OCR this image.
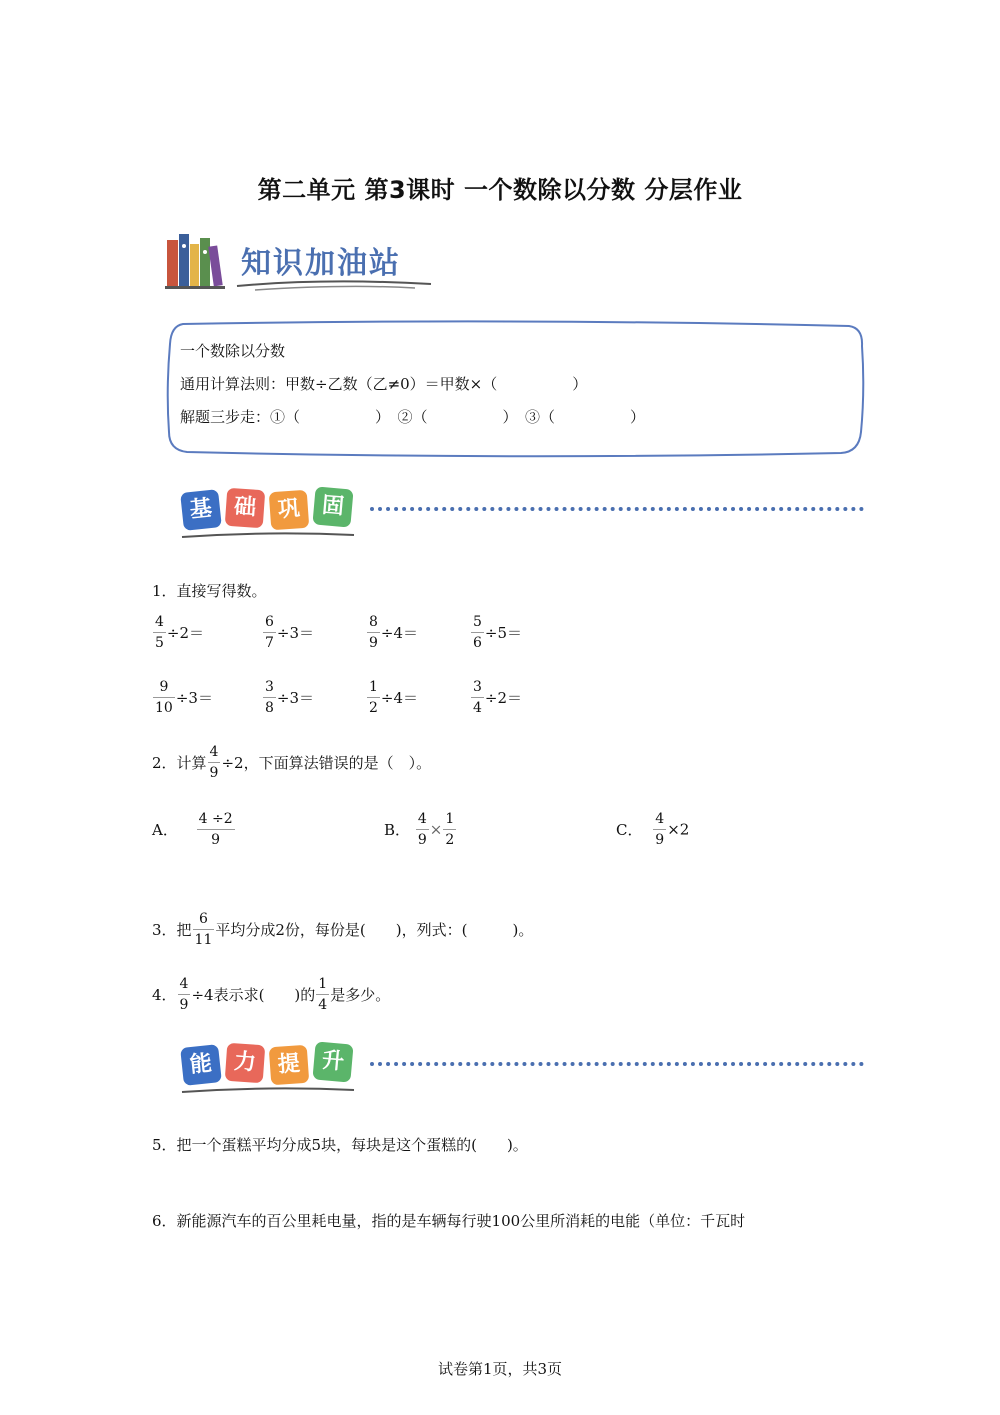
第二单元 第3课时 一个数除以分数 分层作业
知识加油站
一个数除以分数
通用计算法则：甲数÷乙数（乙≠0）＝甲数×（　　　　　）
解题三步走：①（　　　　　）　②（　　　　　）　③（　　　　　）
基 础 巩 固
1．直接写得数。
$\frac{4}{5} \div 2=$	$\frac{6}{7} \div 3=$	$\frac{8}{9} \div 4=$	$\frac{5}{6} \div 5=$
$\frac{9}{10} \div 3=$	$\frac{3}{8} \div 3=$	$\frac{1}{2} \div 4=$	$\frac{3}{4} \div 2=$
2．计算 $\frac{4}{9} \div 2$，下面算法错误的是（　）。
A． $\frac{4 \div 2}{9}$	B． $\frac{4}{9} \times \frac{1}{2}$	C． $\frac{4}{9} \times 2$
3．把 $\frac{6}{11}$ 平均分成2份，每份是(　　)，列式：(　　　)。
4． $\frac{4}{9} \div 4$表示求(　　)的 $\frac{1}{4}$ 是多少。
能 力 提 升
5．把一个蛋糕平均分成5块，每块是这个蛋糕的(　　)。
6．新能源汽车的百公里耗电量，指的是车辆每行驶100公里所消耗的电能（单位：千瓦时
试卷第1页，共3页
